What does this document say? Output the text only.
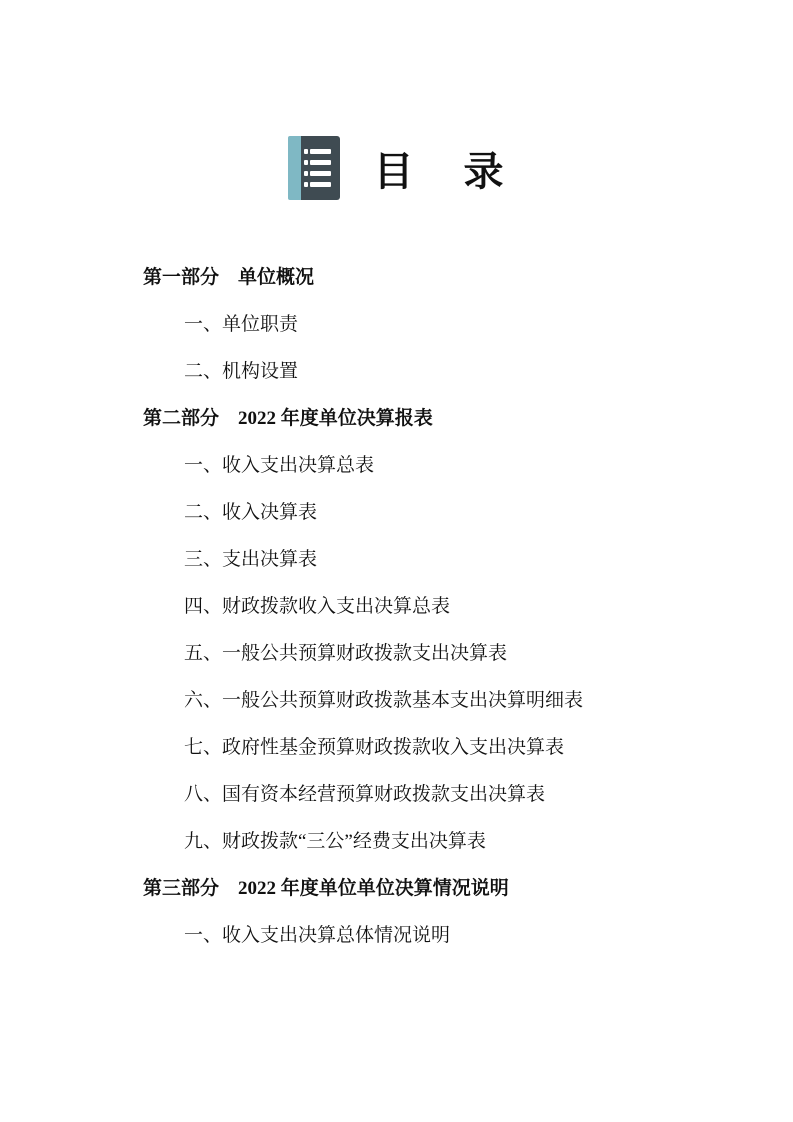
目    录
第一部分    单位概况
一、单位职责
二、机构设置
第二部分    2022 年度单位决算报表
一、收入支出决算总表
二、收入决算表
三、支出决算表
四、财政拨款收入支出决算总表
五、一般公共预算财政拨款支出决算表
六、一般公共预算财政拨款基本支出决算明细表
七、政府性基金预算财政拨款收入支出决算表
八、国有资本经营预算财政拨款支出决算表
九、财政拨款“三公”经费支出决算表
第三部分    2022 年度单位单位决算情况说明
一、收入支出决算总体情况说明
